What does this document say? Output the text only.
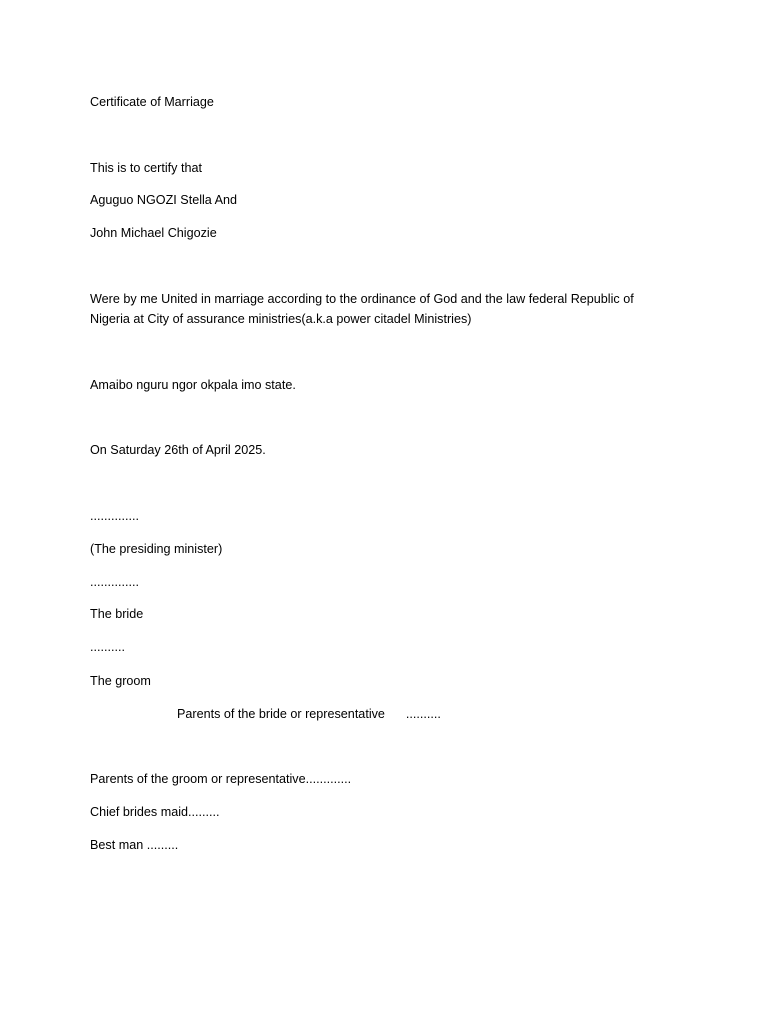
Certificate of Marriage
This is to certify that
Aguguo NGOZI Stella And
John Michael Chigozie
Were by me United in marriage according to the ordinance of God and the law federal Republic of Nigeria at City of assurance ministries(a.k.a power citadel Ministries)
Amaibo nguru ngor okpala imo state.
On Saturday 26th of April 2025.
..............
(The presiding minister)
..............
The bride
..........
The groom
Parents of the bride or representative      ..........
Parents of the groom or representative.............
Chief brides maid.........
Best man .........
